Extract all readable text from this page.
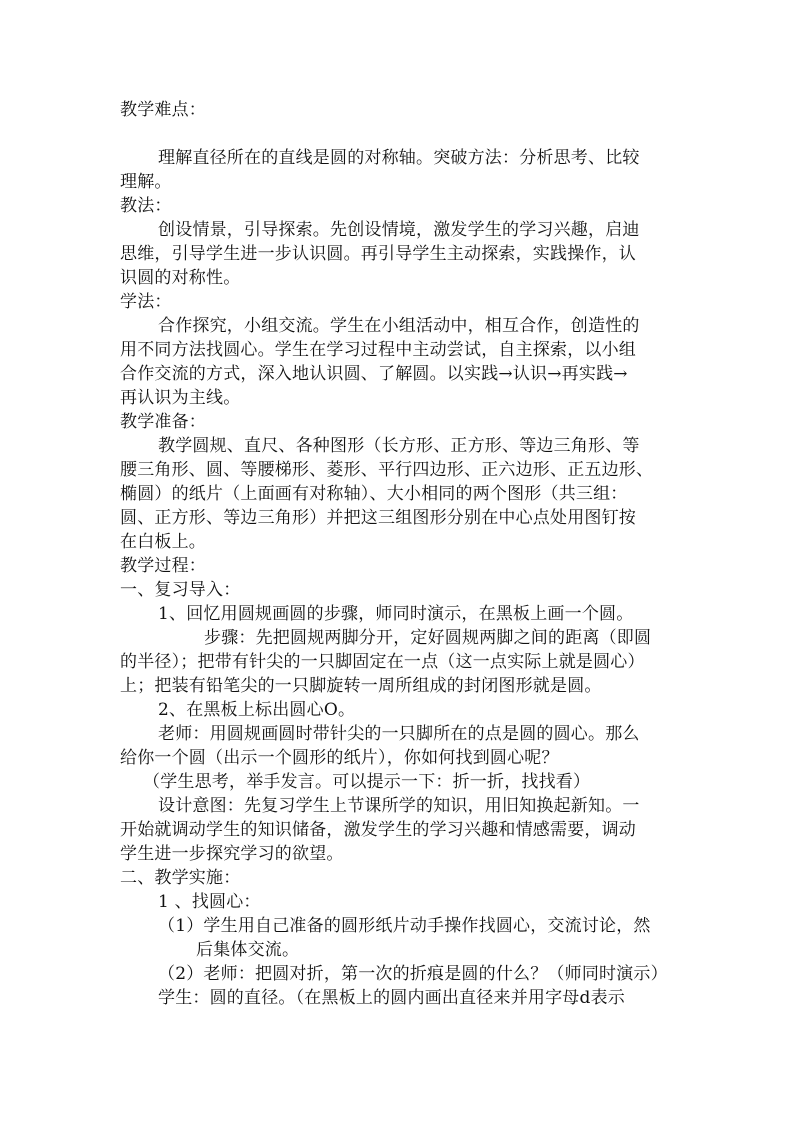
教学难点：
理解直径所在的直线是圆的对称轴。突破方法：分析思考、比较
理解。
教法：
创设情景，引导探索。先创设情境，激发学生的学习兴趣，启迪
思维，引导学生进一步认识圆。再引导学生主动探索，实践操作，认
识圆的对称性。
学法：
合作探究，小组交流。学生在小组活动中，相互合作，创造性的
用不同方法找圆心。学生在学习过程中主动尝试，自主探索，以小组
合作交流的方式，深入地认识圆、了解圆。以实践→认识→再实践→
再认识为主线。
教学准备：
教学圆规、直尺、各种图形（长方形、正方形、等边三角形、等
腰三角形、圆、等腰梯形、菱形、平行四边形、正六边形、正五边形、
椭圆）的纸片（上面画有对称轴）、大小相同的两个图形（共三组：
圆、正方形、等边三角形）并把这三组图形分别在中心点处用图钉按
在白板上。
教学过程：
一、复习导入：
1、回忆用圆规画圆的步骤，师同时演示，在黑板上画一个圆。
步骤：先把圆规两脚分开，定好圆规两脚之间的距离（即圆
的半径）；把带有针尖的一只脚固定在一点（这一点实际上就是圆心）
上；把装有铅笔尖的一只脚旋转一周所组成的封闭图形就是圆。
2、在黑板上标出圆心O。
老师：用圆规画圆时带针尖的一只脚所在的点是圆的圆心。那么
给你一个圆（出示一个圆形的纸片），你如何找到圆心呢？
（学生思考，举手发言。可以提示一下：折一折，找找看）
设计意图：先复习学生上节课所学的知识，用旧知换起新知。一
开始就调动学生的知识储备，激发学生的学习兴趣和情感需要，调动
学生进一步探究学习的欲望。
二、教学实施：
1 、找圆心：
（1）学生用自己准备的圆形纸片动手操作找圆心，交流讨论，然
后集体交流。
（2）老师：把圆对折，第一次的折痕是圆的什么？（师同时演示）
学生：圆的直径。（在黑板上的圆内画出直径来并用字母d表示
